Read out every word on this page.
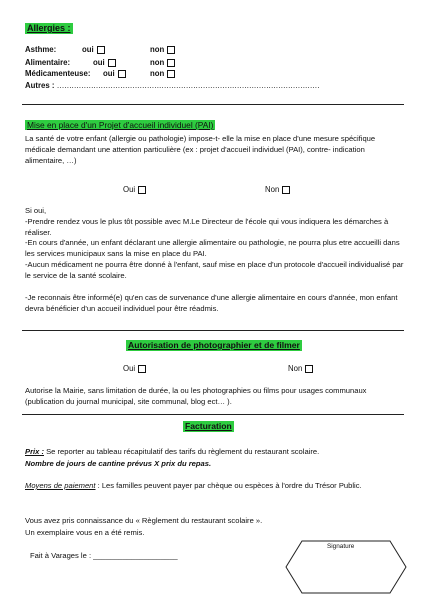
Allergies :
Asthme:	oui	non
Alimentaire:	oui	non
Médicamenteuse: oui	non
Autres : ………………………………………………………………………………………………
Mise en place d'un Projet d'accueil individuel (PAI)
La santé de votre enfant (allergie ou pathologie) impose-t- elle la mise en place d'une mesure spécifique médicale demandant une attention particulière (ex : projet d'accueil individuel (PAI), contre- indication alimentaire, …)
Oui	Non
Si oui,
-Prendre rendez vous le plus tôt possible avec M.Le Directeur de l'école qui vous indiquera les démarches à réaliser.
-En cours d'année, un enfant déclarant une allergie alimentaire ou pathologie, ne pourra plus etre accueilli dans les services municipaux sans la mise en place du PAI.
-Aucun médicament ne pourra être donné à l'enfant, sauf mise en place d'un protocole d'accueil individualisé par le service de la santé scolaire.
-Je reconnais être informé(e) qu'en cas de survenance d'une allergie alimentaire en cours d'année, mon enfant devra bénéficier d'un accueil individuel pour être réadmis.
Autorisation de photographier et de filmer
Oui	Non
Autorise la Mairie, sans limitation de durée, la ou les photographies ou films pour usages communaux (publication du journal municipal, site communal, blog ect… ).
Facturation
Prix : Se reporter au tableau récapitulatif des tarifs du règlement du restaurant scolaire.
Nombre de jours de cantine prévus X prix du repas.
Moyens de paiement : Les familles peuvent payer par chèque ou espèces à l'ordre du Trésor Public.
Vous avez pris connaissance du « Règlement du restaurant scolaire ».
Un exemplaire vous en a été remis.
Fait à Varages le : ____________________
Signature
